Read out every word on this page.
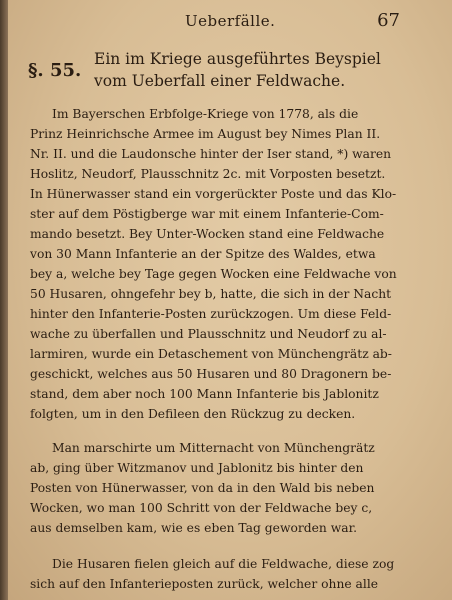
Ueberfälle.	67
§. 55.
Ein im Kriege ausgeführtes Beyspiel
vom Ueberfall einer Feldwache.
Im Bayerschen Erbfolge-Kriege von 1778, als die
Prinz Heinrichsche Armee im August bey Nimes Plan II.
Nr. II. und die Laudonsche hinter der Iser stand, *) waren
Hoslitz, Neudorf, Plausschnitz 2c. mit Vorposten besetzt.
In Hünerwasser stand ein vorgerückter Poste und das Klo-
ster auf dem Pöstigberge war mit einem Infanterie-Com-
mando besetzt. Bey Unter-Wocken stand eine Feldwache
von 30 Mann Infanterie an der Spitze des Waldes, etwa
bey a, welche bey Tage gegen Wocken eine Feldwache von
50 Husaren, ohngefehr bey b, hatte, die sich in der Nacht
hinter den Infanterie-Posten zurückzogen. Um diese Feld-
wache zu überfallen und Plausschnitz und Neudorf zu al-
larmiren, wurde ein Detaschement von Münchengrätz ab-
geschickt, welches aus 50 Husaren und 80 Dragonern be-
stand, dem aber noch 100 Mann Infanterie bis Jablonitz
folgten, um in den Defileen den Rückzug zu decken.
Man marschirte um Mitternacht von Münchengrätz
ab, ging über Witzmanov und Jablonitz bis hinter den
Posten von Hünerwasser, von da in den Wald bis neben
Wocken, wo man 100 Schritt von der Feldwache bey c,
aus demselben kam, wie es eben Tag geworden war.
Die Husaren fielen gleich auf die Feldwache, diese zog
sich auf den Infanterieposten zurück, welcher ohne alle
